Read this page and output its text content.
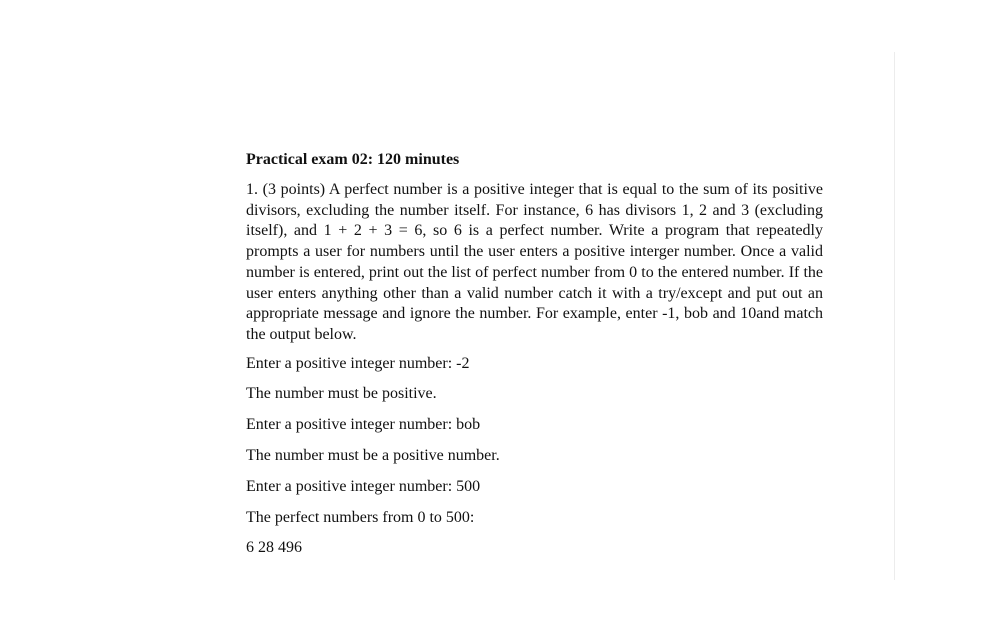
Practical exam 02: 120 minutes
1. (3 points) A perfect number is a positive integer that is equal to the sum of its positive divisors, excluding the number itself. For instance, 6 has divisors 1, 2 and 3 (excluding itself), and 1 + 2 + 3 = 6, so 6 is a perfect number. Write a program that repeatedly prompts a user for numbers until the user enters a positive interger number. Once a valid number is entered, print out the list of perfect number from 0 to the entered number. If the user enters anything other than a valid number catch it with a try/except and put out an appropriate message and ignore the number. For example, enter -1, bob and 10and match the output below.
Enter a positive integer number: -2
The number must be positive.
Enter a positive integer number: bob
The number must be a positive number.
Enter a positive integer number: 500
The perfect numbers from 0 to 500:
6 28 496
